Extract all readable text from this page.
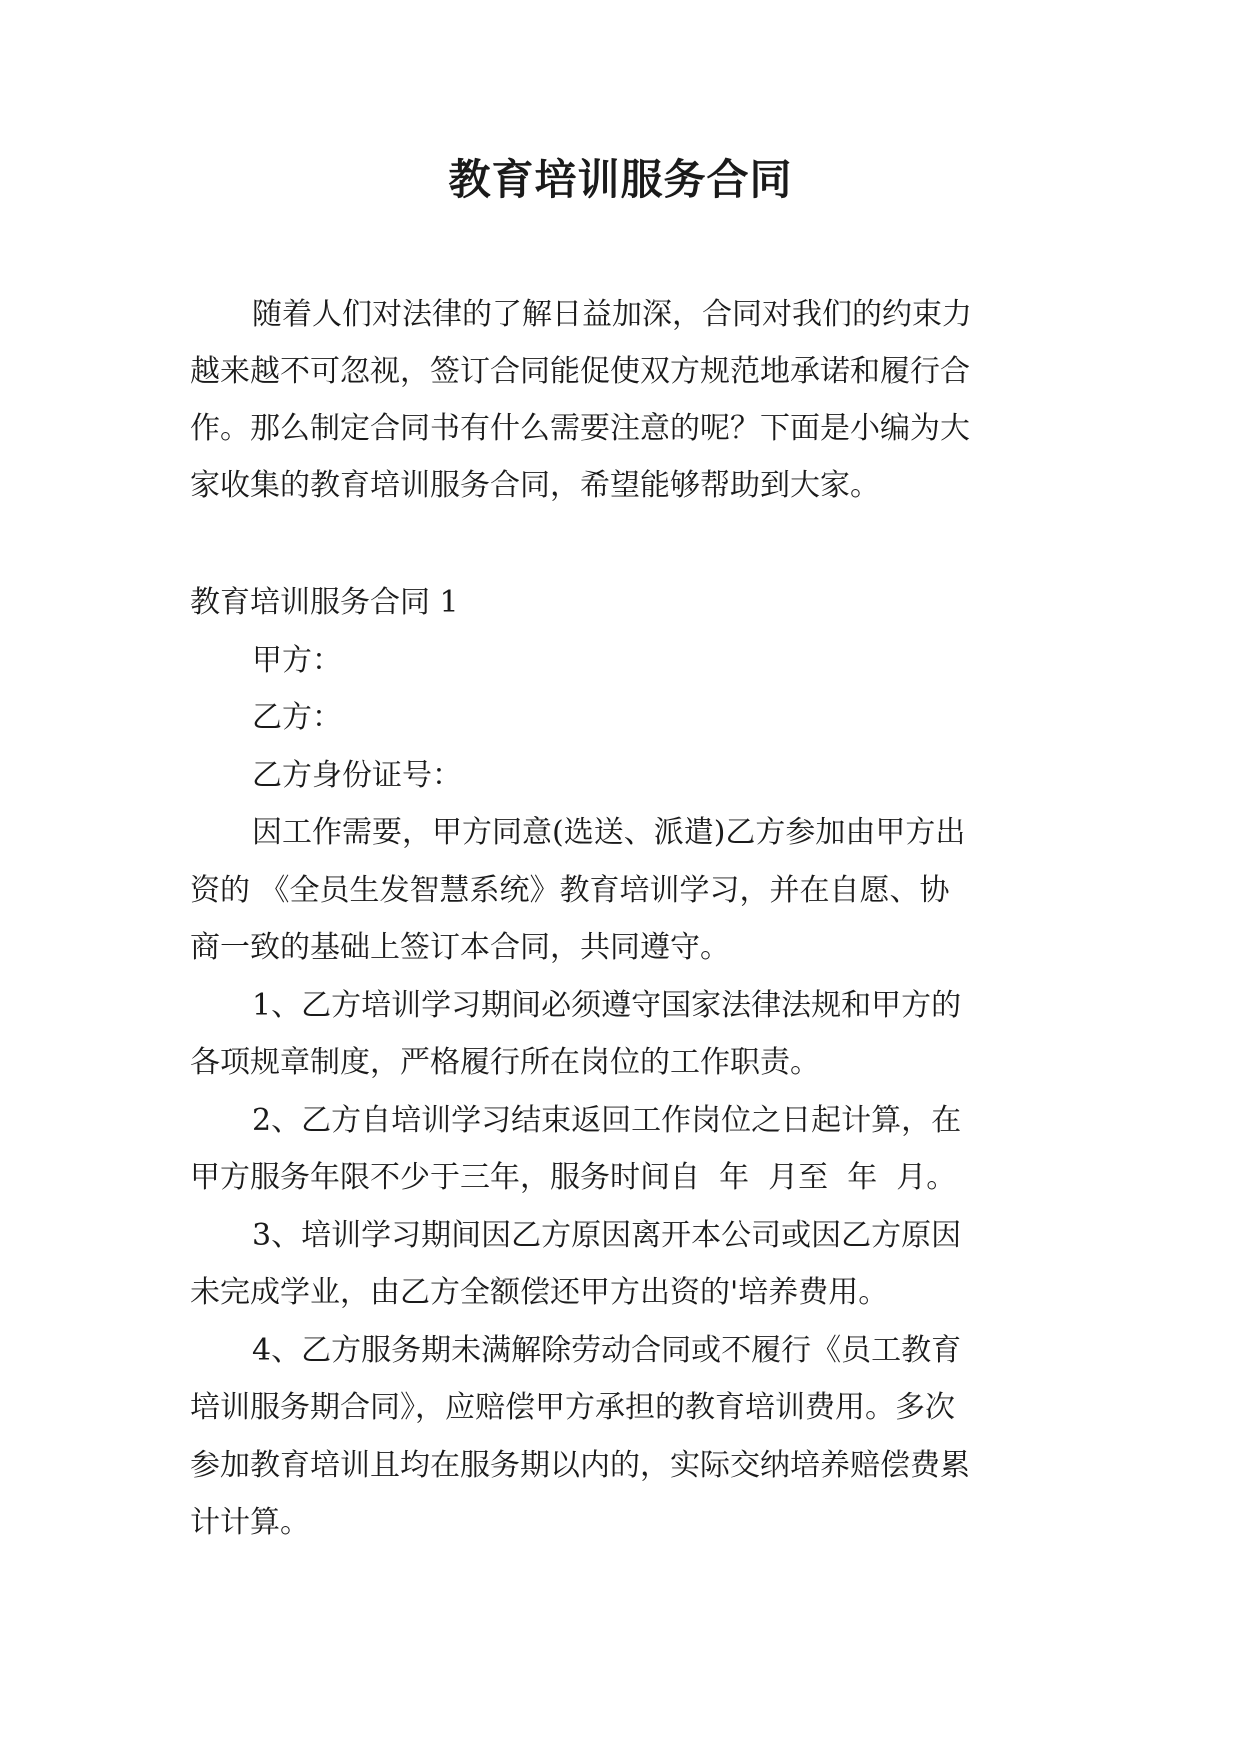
教育培训服务合同
随着人们对法律的了解日益加深，合同对我们的约束力
越来越不可忽视，签订合同能促使双方规范地承诺和履行合
作。那么制定合同书有什么需要注意的呢？下面是小编为大
家收集的教育培训服务合同，希望能够帮助到大家。
教育培训服务合同 1
甲方：
乙方：
乙方身份证号：
因工作需要，甲方同意(选送、派遣)乙方参加由甲方出
资的 《全员生发智慧系统》教育培训学习，并在自愿、协
商一致的基础上签订本合同，共同遵守。
1、乙方培训学习期间必须遵守国家法律法规和甲方的
各项规章制度，严格履行所在岗位的工作职责。
2、乙方自培训学习结束返回工作岗位之日起计算，在
甲方服务年限不少于三年，服务时间自  年  月至  年  月。
3、培训学习期间因乙方原因离开本公司或因乙方原因
未完成学业，由乙方全额偿还甲方出资的'培养费用。
4、乙方服务期未满解除劳动合同或不履行《员工教育
培训服务期合同》，应赔偿甲方承担的教育培训费用。多次
参加教育培训且均在服务期以内的，实际交纳培养赔偿费累
计计算。
